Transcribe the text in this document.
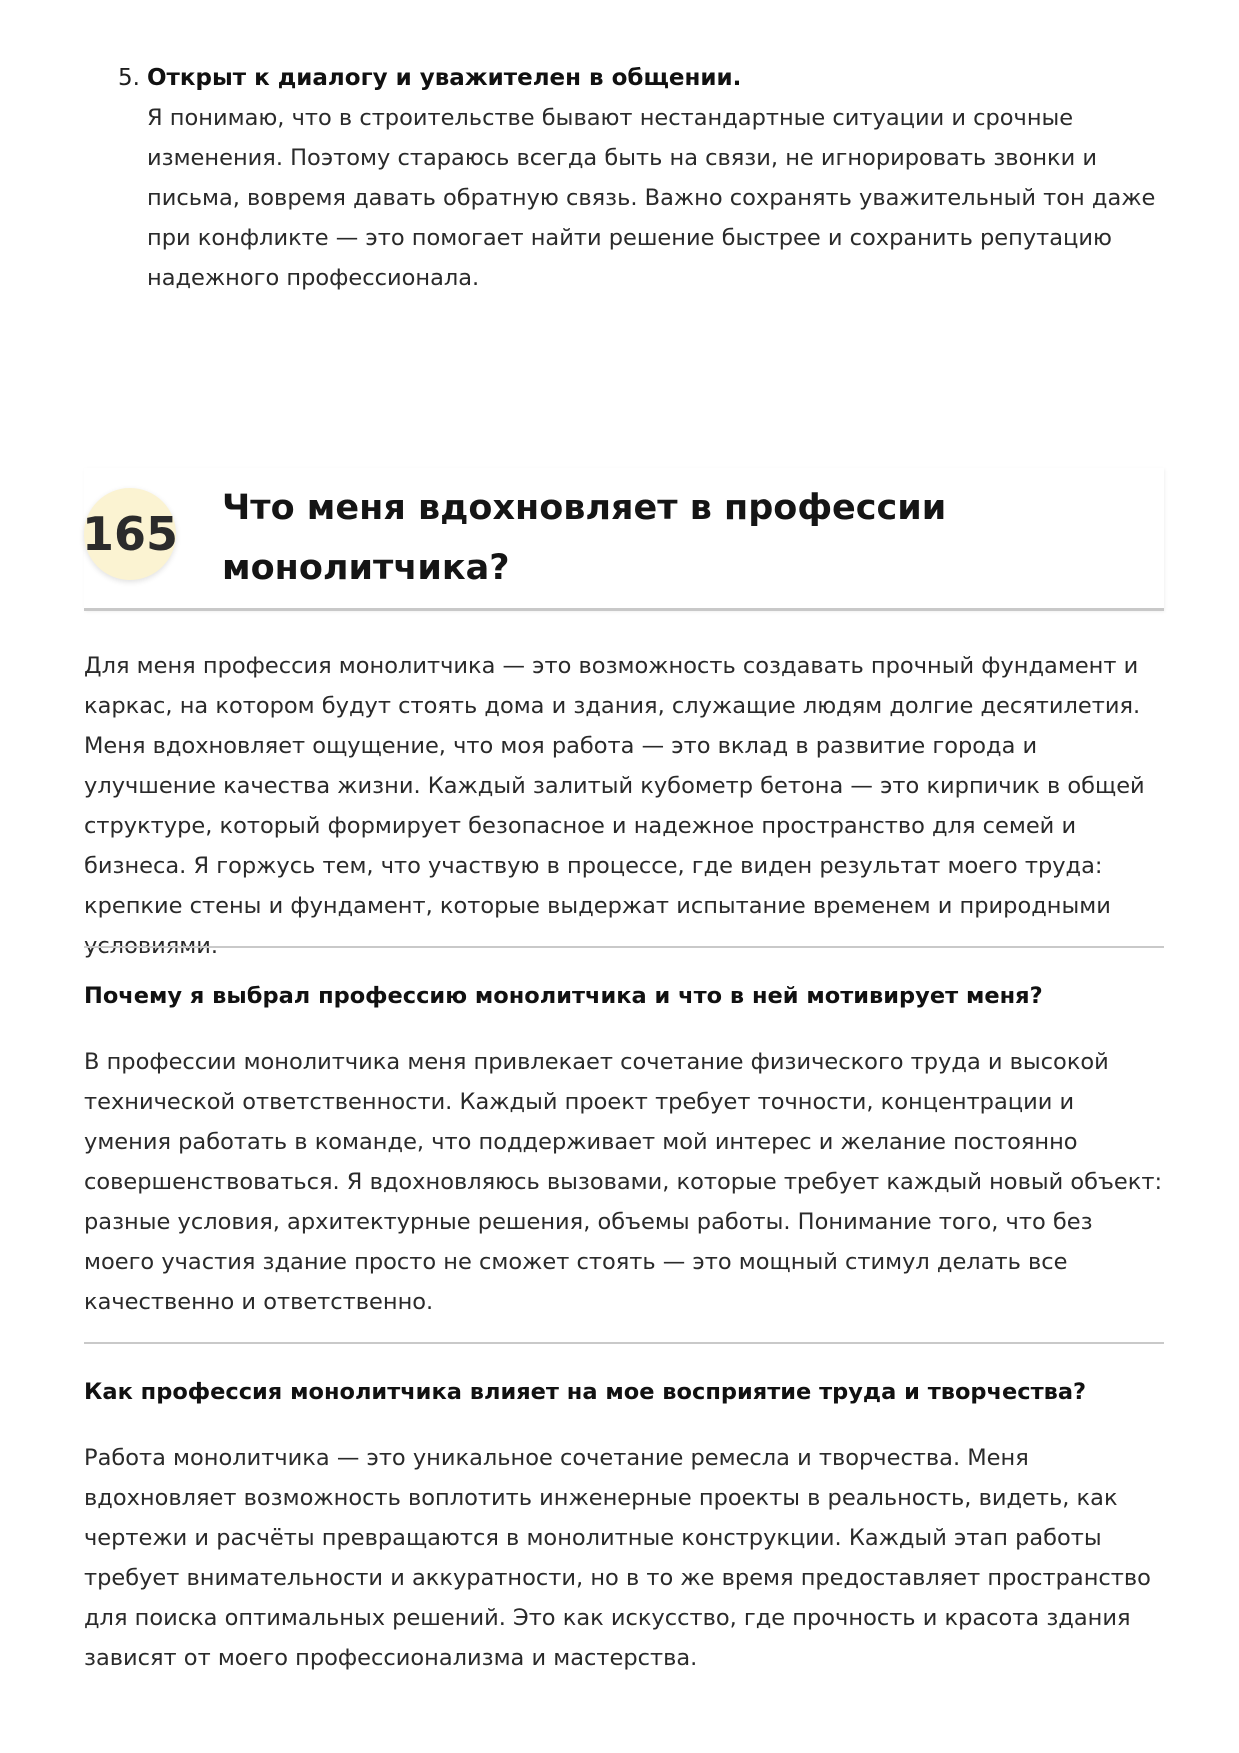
5. Открыт к диалогу и уважителен в общении.
Я понимаю, что в строительстве бывают нестандартные ситуации и срочные изменения. Поэтому стараюсь всегда быть на связи, не игнорировать звонки и письма, вовремя давать обратную связь. Важно сохранять уважительный тон даже при конфликте — это помогает найти решение быстрее и сохранить репутацию надежного профессионала.
165 Что меня вдохновляет в профессии монолитчика?
Для меня профессия монолитчика — это возможность создавать прочный фундамент и каркас, на котором будут стоять дома и здания, служащие людям долгие десятилетия. Меня вдохновляет ощущение, что моя работа — это вклад в развитие города и улучшение качества жизни. Каждый залитый кубометр бетона — это кирпичик в общей структуре, который формирует безопасное и надежное пространство для семей и бизнеса. Я горжусь тем, что участвую в процессе, где виден результат моего труда: крепкие стены и фундамент, которые выдержат испытание временем и природными условиями.
Почему я выбрал профессию монолитчика и что в ней мотивирует меня?
В профессии монолитчика меня привлекает сочетание физического труда и высокой технической ответственности. Каждый проект требует точности, концентрации и умения работать в команде, что поддерживает мой интерес и желание постоянно совершенствоваться. Я вдохновляюсь вызовами, которые требует каждый новый объект: разные условия, архитектурные решения, объемы работы. Понимание того, что без моего участия здание просто не сможет стоять — это мощный стимул делать все качественно и ответственно.
Как профессия монолитчика влияет на мое восприятие труда и творчества?
Работа монолитчика — это уникальное сочетание ремесла и творчества. Меня вдохновляет возможность воплотить инженерные проекты в реальность, видеть, как чертежи и расчёты превращаются в монолитные конструкции. Каждый этап работы требует внимательности и аккуратности, но в то же время предоставляет пространство для поиска оптимальных решений. Это как искусство, где прочность и красота здания зависят от моего профессионализма и мастерства.
